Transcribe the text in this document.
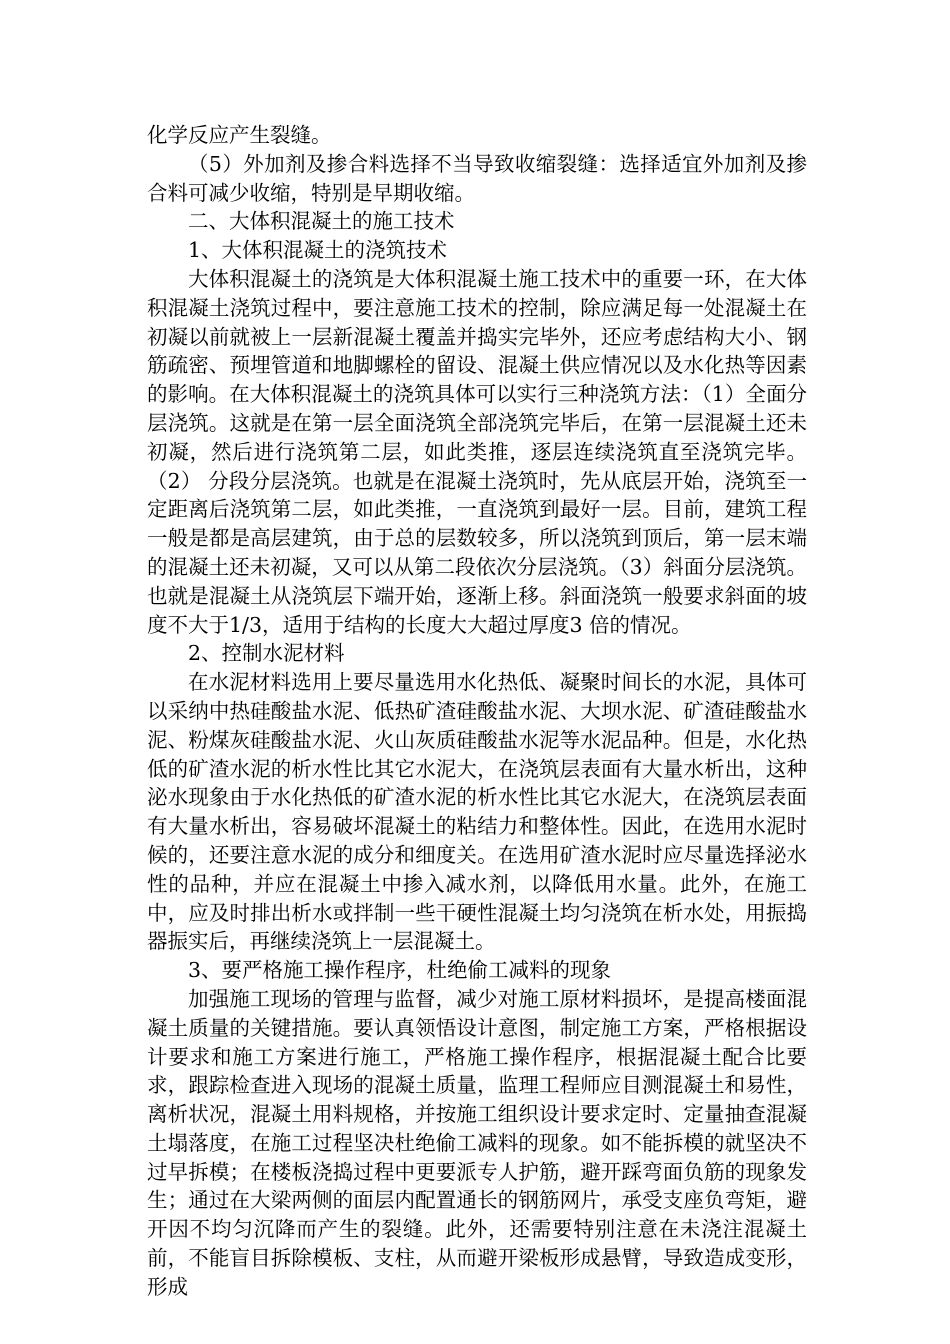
化学反应产生裂缝。

（5）外加剂及掺合料选择不当导致收缩裂缝：选择适宜外加剂及掺合料可减少收缩，特别是早期收缩。

二、大体积混凝土的施工技术

1、大体积混凝土的浇筑技术

大体积混凝土的浇筑是大体积混凝土施工技术中的重要一环，在大体积混凝土浇筑过程中，要注意施工技术的控制，除应满足每一处混凝土在初凝以前就被上一层新混凝土覆盖并捣实完毕外，还应考虑结构大小、钢筋疏密、预埋管道和地脚螺栓的留设、混凝土供应情况以及水化热等因素的影响。在大体积混凝土的浇筑具体可以实行三种浇筑方法：（1）全面分层浇筑。这就是在第一层全面浇筑全部浇筑完毕后，在第一层混凝土还未初凝，然后进行浇筑第二层，如此类推，逐层连续浇筑直至浇筑完毕。（2） 分段分层浇筑。也就是在混凝土浇筑时，先从底层开始，浇筑至一定距离后浇筑第二层，如此类推，一直浇筑到最好一层。目前，建筑工程一般是都是高层建筑，由于总的层数较多，所以浇筑到顶后，第一层末端的混凝土还未初凝，又可以从第二段依次分层浇筑。（3）斜面分层浇筑。也就是混凝土从浇筑层下端开始，逐渐上移。斜面浇筑一般要求斜面的坡度不大于1/3，适用于结构的长度大大超过厚度3 倍的情况。

2、控制水泥材料

在水泥材料选用上要尽量选用水化热低、凝聚时间长的水泥，具体可以采纳中热硅酸盐水泥、低热矿渣硅酸盐水泥、大坝水泥、矿渣硅酸盐水泥、粉煤灰硅酸盐水泥、火山灰质硅酸盐水泥等水泥品种。但是，水化热低的矿渣水泥的析水性比其它水泥大，在浇筑层表面有大量水析出，这种泌水现象由于水化热低的矿渣水泥的析水性比其它水泥大，在浇筑层表面有大量水析出，容易破坏混凝土的粘结力和整体性。因此，在选用水泥时候的，还要注意水泥的成分和细度关。在选用矿渣水泥时应尽量选择泌水性的品种，并应在混凝土中掺入减水剂，以降低用水量。此外，在施工中，应及时排出析水或拌制一些干硬性混凝土均匀浇筑在析水处，用振捣器振实后，再继续浇筑上一层混凝土。

3、要严格施工操作程序，杜绝偷工减料的现象

加强施工现场的管理与监督，减少对施工原材料损坏，是提高楼面混凝土质量的关键措施。要认真领悟设计意图，制定施工方案，严格根据设计要求和施工方案进行施工，严格施工操作程序，根据混凝土配合比要求，跟踪检查进入现场的混凝土质量，监理工程师应目测混凝土和易性，离析状况，混凝土用料规格，并按施工组织设计要求定时、定量抽查混凝土塌落度，在施工过程坚决杜绝偷工减料的现象。如不能拆模的就坚决不过早拆模；在楼板浇捣过程中更要派专人护筋，避开踩弯面负筋的现象发生；通过在大梁两侧的面层内配置通长的钢筋网片，承受支座负弯矩，避开因不均匀沉降而产生的裂缝。此外，还需要特别注意在未浇注混凝土前，不能盲目拆除模板、支柱，从而避开梁板形成悬臂，导致造成变形，形成
